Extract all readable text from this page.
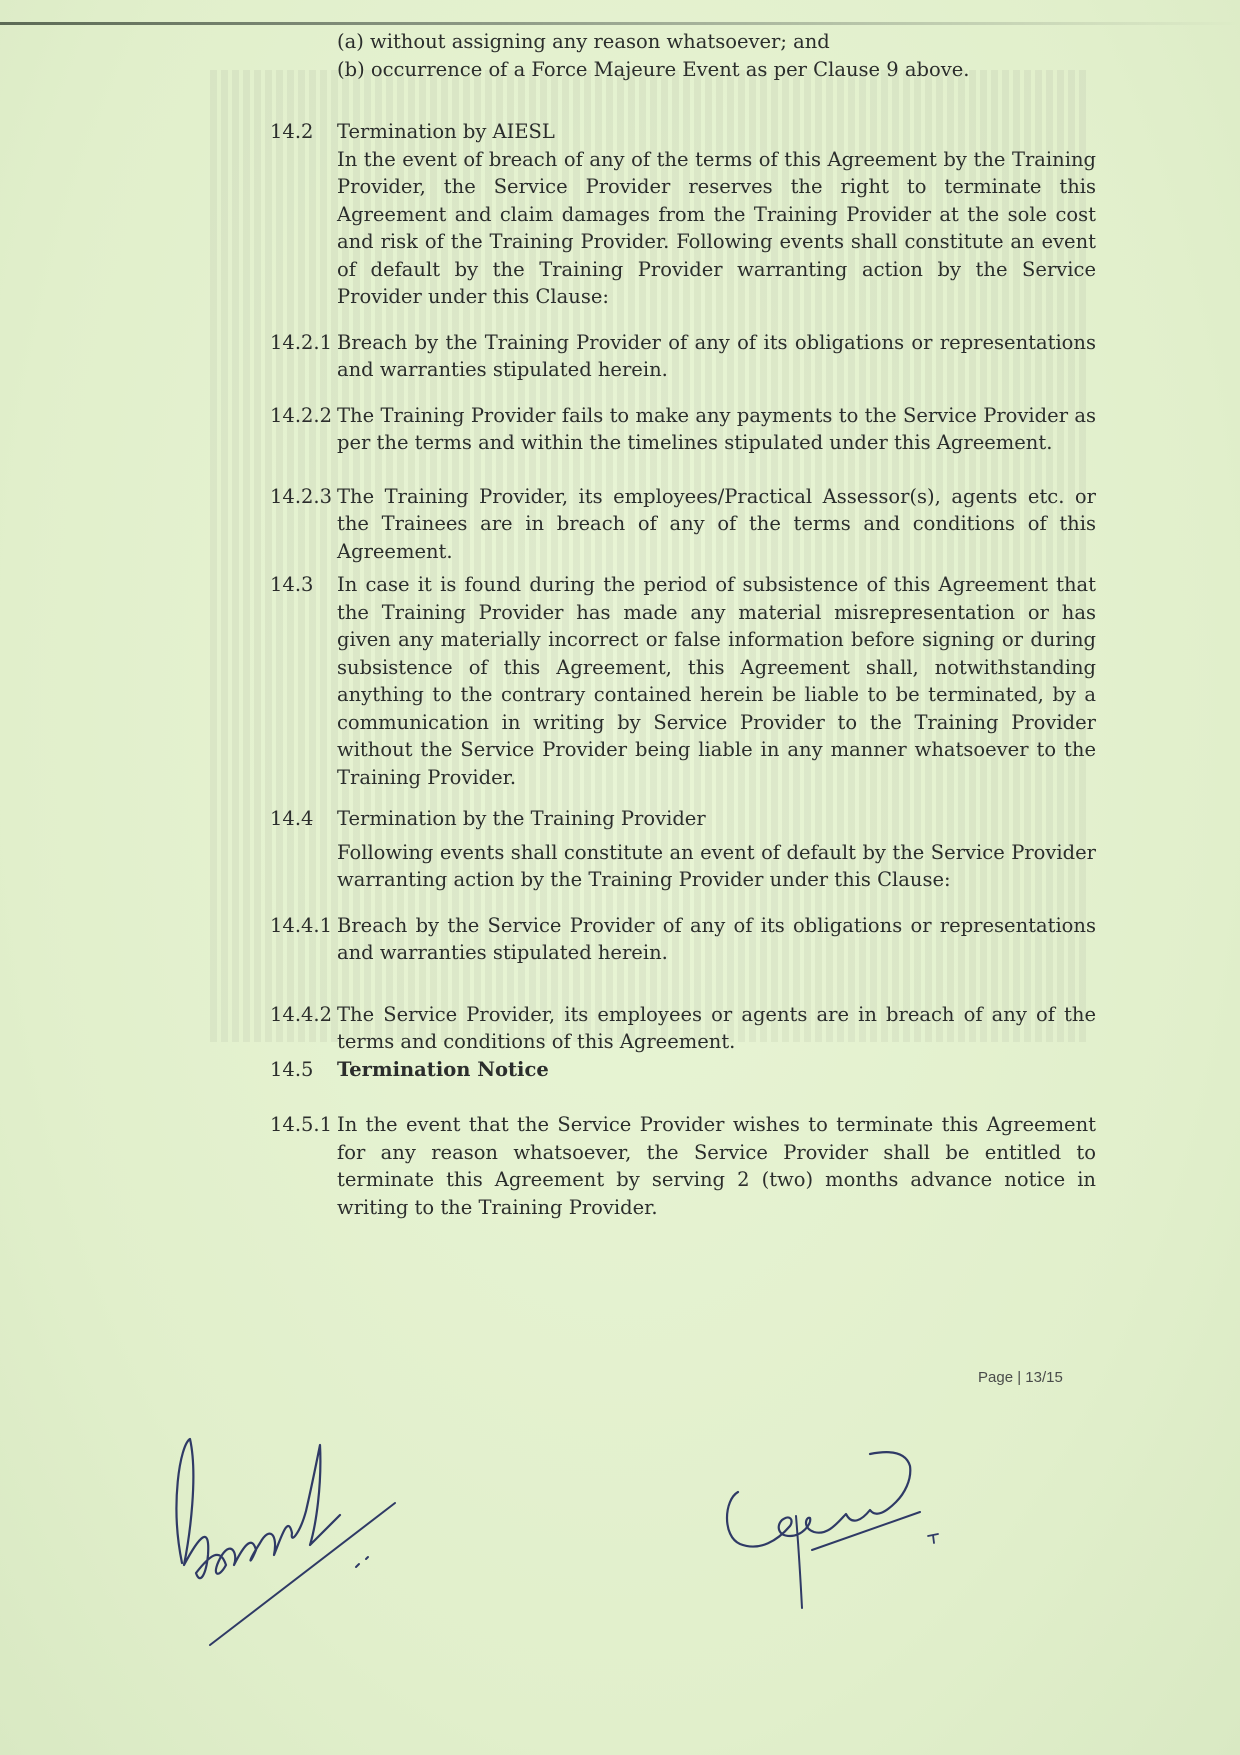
(a) without assigning any reason whatsoever; and
(b) occurrence of a Force Majeure Event as per Clause 9 above.
14.2	Termination by AIESL
In the event of breach of any of the terms of this Agreement by the Training Provider, the Service Provider reserves the right to terminate this Agreement and claim damages from the Training Provider at the sole cost and risk of the Training Provider. Following events shall constitute an event of default by the Training Provider warranting action by the Service Provider under this Clause:
14.2.1 Breach by the Training Provider of any of its obligations or representations and warranties stipulated herein.
14.2.2 The Training Provider fails to make any payments to the Service Provider as per the terms and within the timelines stipulated under this Agreement.
14.2.3 The Training Provider, its employees/Practical Assessor(s), agents etc. or the Trainees are in breach of any of the terms and conditions of this Agreement.
14.3	In case it is found during the period of subsistence of this Agreement that the Training Provider has made any material misrepresentation or has given any materially incorrect or false information before signing or during subsistence of this Agreement, this Agreement shall, notwithstanding anything to the contrary contained herein be liable to be terminated, by a communication in writing by Service Provider to the Training Provider without the Service Provider being liable in any manner whatsoever to the Training Provider.
14.4	Termination by the Training Provider
Following events shall constitute an event of default by the Service Provider warranting action by the Training Provider under this Clause:
14.4.1 Breach by the Service Provider of any of its obligations or representations and warranties stipulated herein.
14.4.2 The Service Provider, its employees or agents are in breach of any of the terms and conditions of this Agreement.
14.5	Termination Notice
14.5.1 In the event that the Service Provider wishes to terminate this Agreement for any reason whatsoever, the Service Provider shall be entitled to terminate this Agreement by serving 2 (two) months advance notice in writing to the Training Provider.
Page | 13/15
